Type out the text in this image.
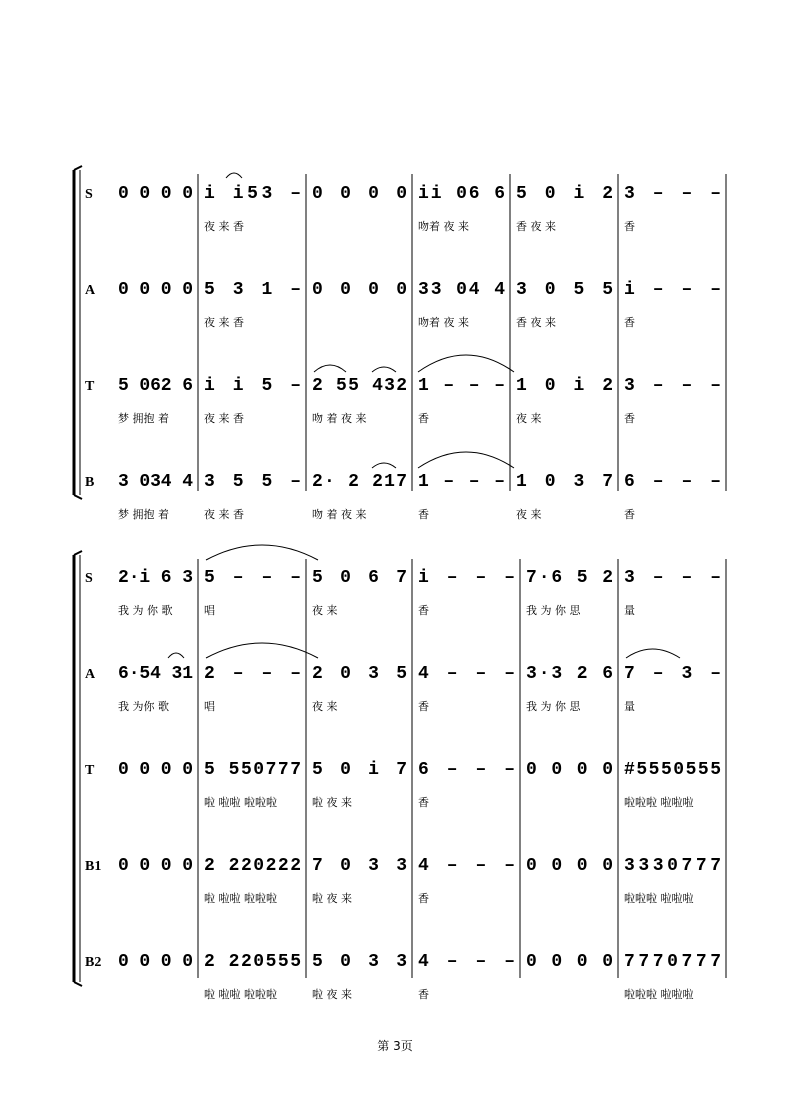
S 0000 i i53 –
夜 来 香
0000 ii 06 6
吻着 夜 来
5 0 i 2
香 夜 来
3 – – –
香
A 0000 5 3 1 –
夜 来 香
0000 33 04 4
吻着 夜 来
3 0 5 5
香 夜 来
i – – –
香
T 5 062 6
梦 拥抱 着
i i 5 –
夜 来 香
2 55 432
吻 着 夜 来
1 – – –
香
1 0 i 2
夜 来
3 – – –
香
B 3 034 4
梦 拥抱 着
3 5 5 –
夜 来 香
2· 2 217
吻 着 夜 来
1 – – –
香
1 0 3 7
夜 来
6 – – –
香
S 2·i 6 3
我 为 你 歌
5 – – –
唱
5 0 6 7
夜 来
i – – –
香
7·6 5 2
我 为 你 思
3 – – –
量
A 6·54 31
我 为你 歌
2 – – –
唱
2 0 3 5
夜 来
4 – – –
香
3·3 2 6
我 为 你 思
7 – 3 –
量
T 0000 5 550777
啦 啦啦 啦啦啦
5 0 i 7
啦 夜 来
6 – – –
香
0000 #5550555
啦啦啦 啦啦啦
B1 0000 2 220222
啦 啦啦 啦啦啦
7 0 3 3
啦 夜 来
4 – – –
香
0000 3330777
啦啦啦 啦啦啦
B2 0000 2 220555
啦 啦啦 啦啦啦
5 0 3 3
啦 夜 来
4 – – –
香
0000 7770777
啦啦啦 啦啦啦
第 3页
